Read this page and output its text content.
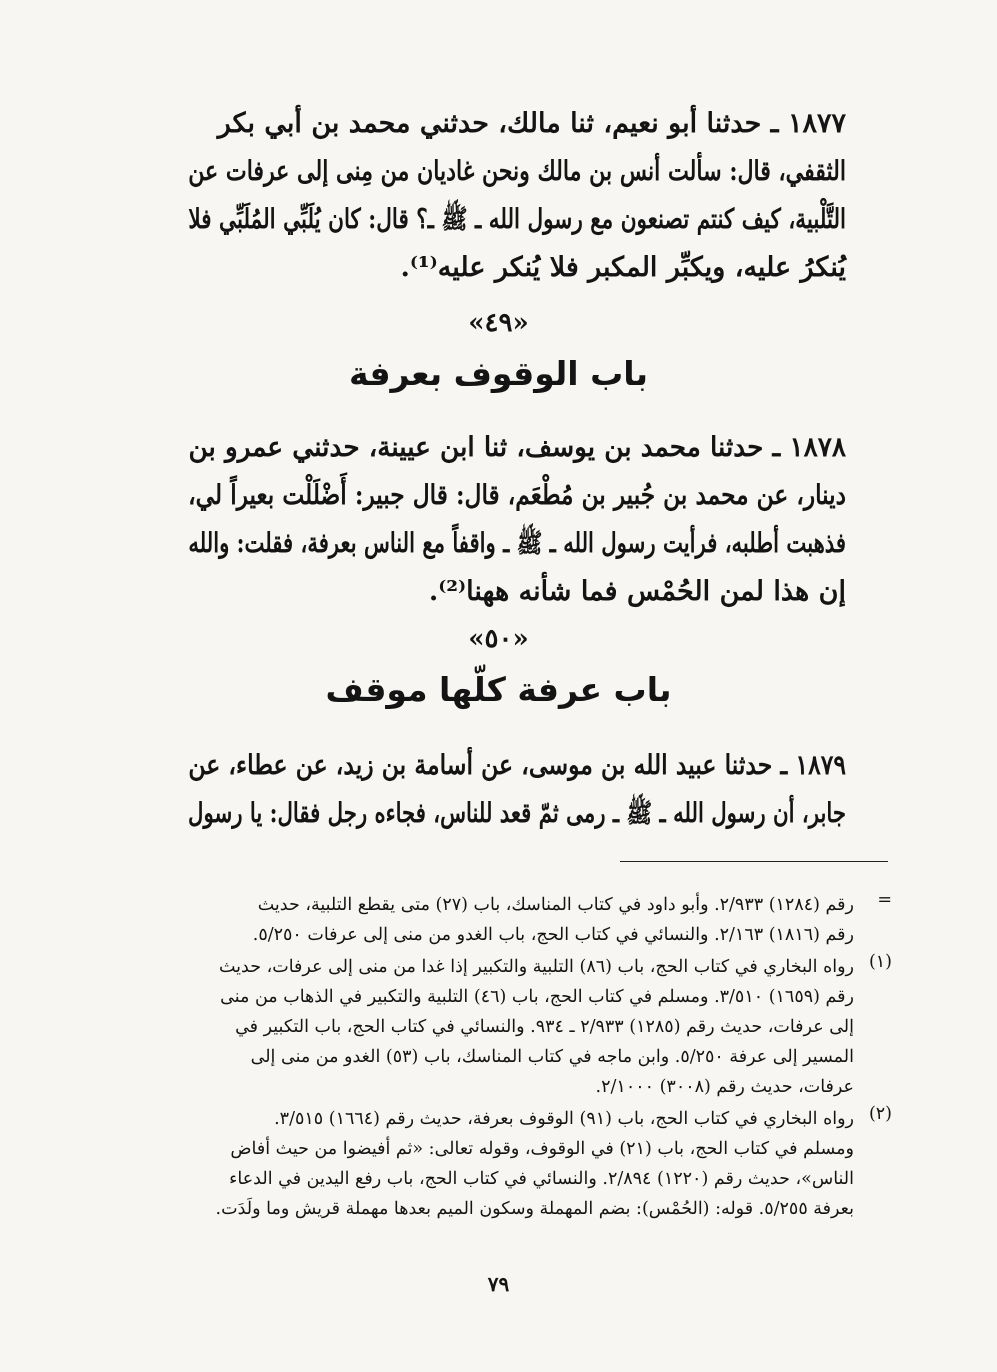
١٨٧٧ ـ حدثنا أبو نعيم، ثنا مالك، حدثني محمد بن أبي بكر
الثقفي، قال: سألت أنس بن مالك ونحن غاديان من مِنى إلى عرفات عن
التَّلْبية، كيف كنتم تصنعون مع رسول الله ـ ﷺ ـ؟ قال: كان يُلَبِّي المُلَبِّي فلا
يُنكرُ عليه، ويكبِّر المكبر فلا يُنكر عليه⁽¹⁾.
«٤٩»
باب الوقوف بعرفة
١٨٧٨ ـ حدثنا محمد بن يوسف، ثنا ابن عيينة، حدثني عمرو بن
دينار، عن محمد بن جُبير بن مُطْعَم، قال: قال جبير: أَضْلَلْت بعيراً لي،
فذهبت أطلبه، فرأيت رسول الله ـ ﷺ ـ واقفاً مع الناس بعرفة، فقلت: والله
إن هذا لمن الحُمْس فما شأنه ههنا⁽²⁾.
«٥٠»
باب عرفة كلّها موقف
١٨٧٩ ـ حدثنا عبيد الله بن موسى، عن أسامة بن زيد، عن عطاء، عن
جابر، أن رسول الله ـ ﷺ ـ رمى ثمّ قعد للناس، فجاءه رجل فقال: يا رسول
=
رقم (١٢٨٤) ٢/٩٣٣. وأبو داود في كتاب المناسك، باب (٢٧) متى يقطع التلبية، حديث
رقم (١٨١٦) ٢/١٦٣. والنسائي في كتاب الحج، باب الغدو من منى إلى عرفات ٥/٢٥٠.
(١)
رواه البخاري في كتاب الحج، باب (٨٦) التلبية والتكبير إذا غدا من منى إلى عرفات، حديث
رقم (١٦٥٩) ٣/٥١٠. ومسلم في كتاب الحج، باب (٤٦) التلبية والتكبير في الذهاب من منى
إلى عرفات، حديث رقم (١٢٨٥) ٢/٩٣٣ ـ ٩٣٤. والنسائي في كتاب الحج، باب التكبير في
المسير إلى عرفة ٥/٢٥٠. وابن ماجه في كتاب المناسك، باب (٥٣) الغدو من منى إلى
عرفات، حديث رقم (٣٠٠٨) ٢/١٠٠٠.
(٢)
رواه البخاري في كتاب الحج، باب (٩١) الوقوف بعرفة، حديث رقم (١٦٦٤) ٣/٥١٥.
ومسلم في كتاب الحج، باب (٢١) في الوقوف، وقوله تعالى: «ثم أفيضوا من حيث أفاض
الناس»، حديث رقم (١٢٢٠) ٢/٨٩٤. والنسائي في كتاب الحج، باب رفع اليدين في الدعاء
بعرفة ٥/٢٥٥. قوله: (الحُمْس): بضم المهملة وسكون الميم بعدها مهملة قريش وما ولَدَت.
٧٩
